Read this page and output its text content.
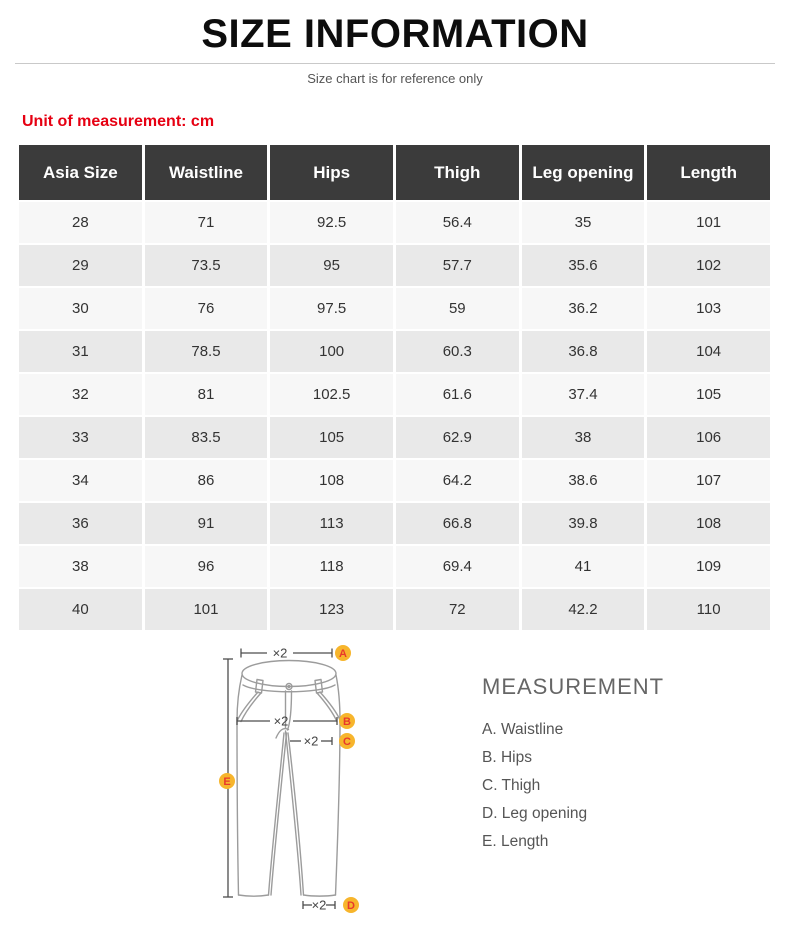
SIZE INFORMATION
Size chart is for reference only
Unit of measurement: cm
Asia Size	Waistline	Hips	Thigh	Leg opening	Length
28	71	92.5	56.4	35	101
29	73.5	95	57.7	35.6	102
30	76	97.5	59	36.2	103
31	78.5	100	60.3	36.8	104
32	81	102.5	61.6	37.4	105
33	83.5	105	62.9	38	106
34	86	108	64.2	38.6	107
36	91	113	66.8	39.8	108
38	96	118	69.4	41	109
40	101	123	72	42.2	110
×2
×2
×2
×2
A
B
C
E
D
MEASUREMENT
A. Waistline
B. Hips
C. Thigh
D. Leg opening
E. Length
